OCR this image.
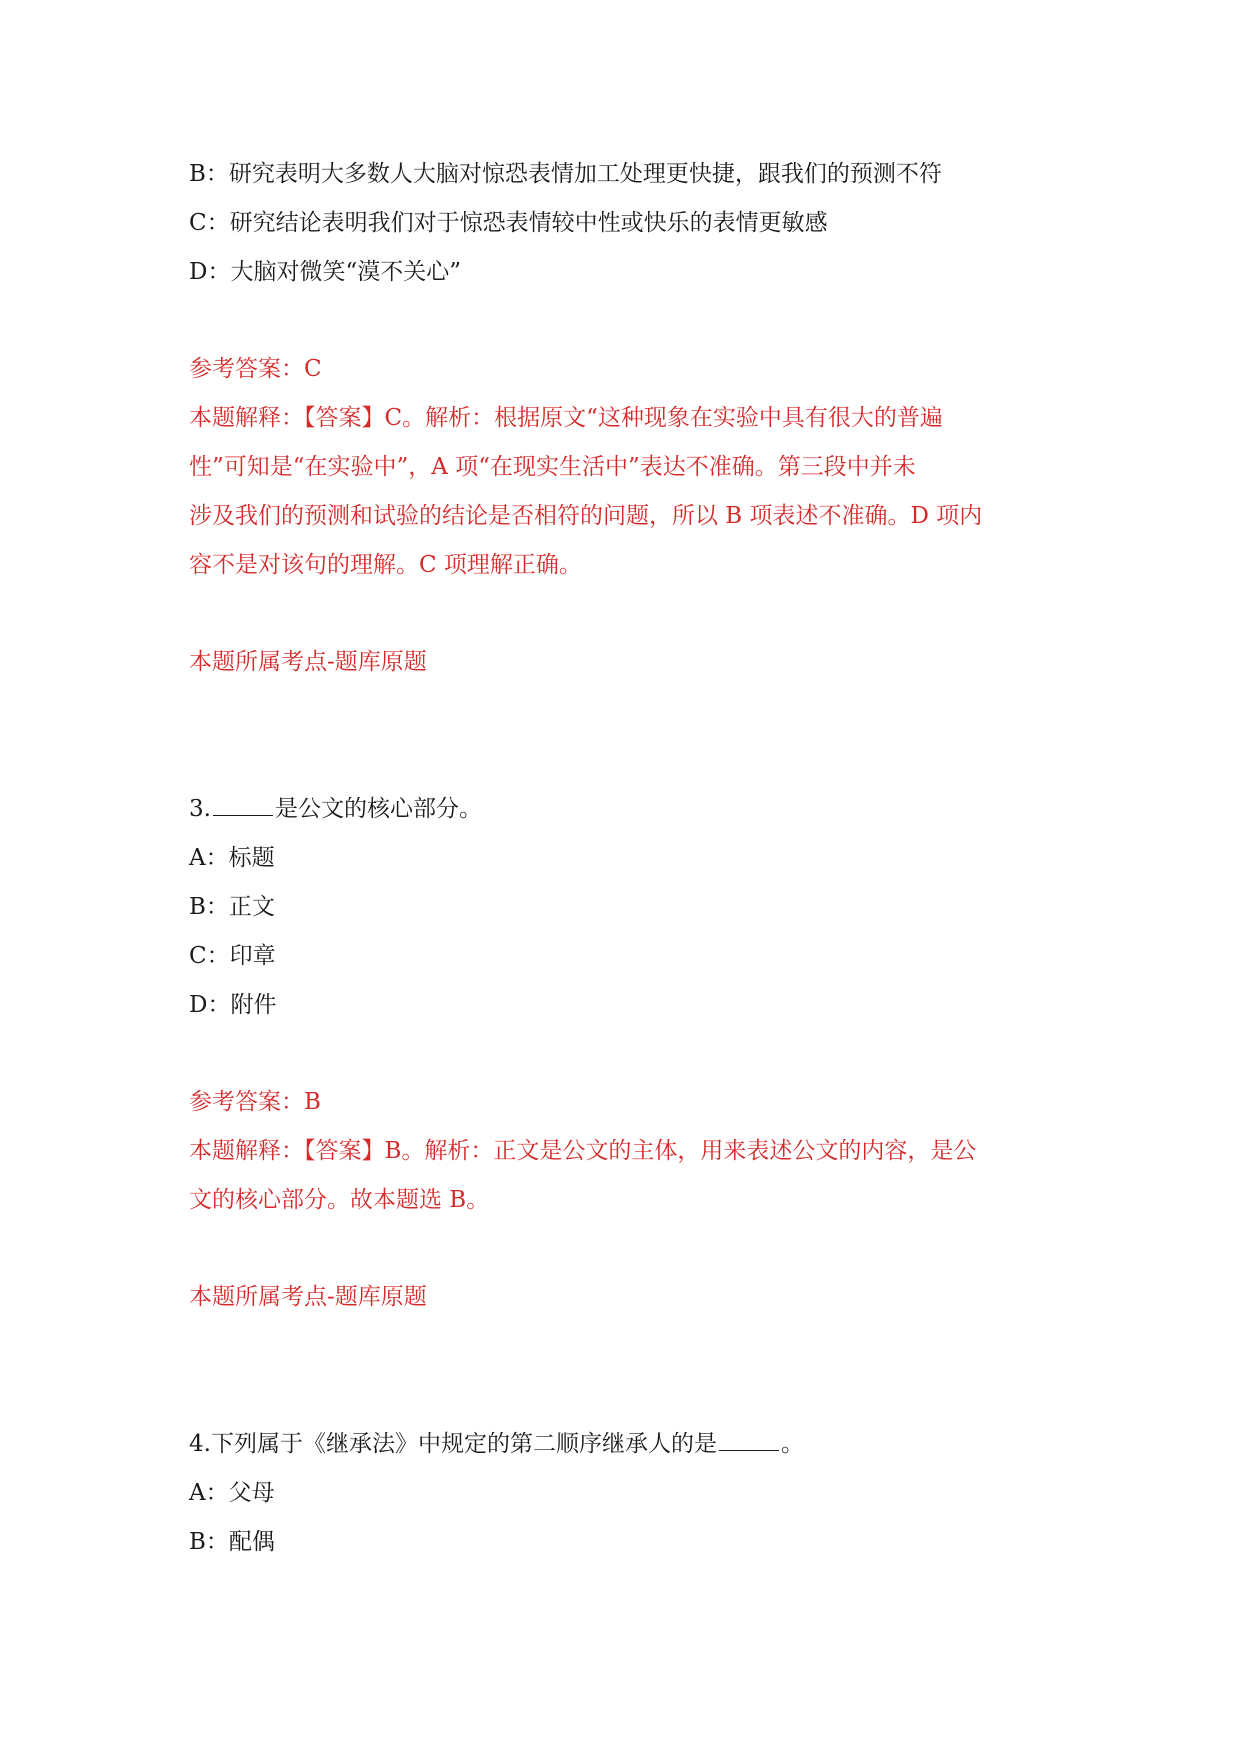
B：研究表明大多数人大脑对惊恐表情加工处理更快捷，跟我们的预测不符
C：研究结论表明我们对于惊恐表情较中性或快乐的表情更敏感
D：大脑对微笑“漠不关心”
参考答案：C
本题解释：【答案】C。解析：根据原文“这种现象在实验中具有很大的普遍
性”可知是“在实验中”，A 项“在现实生活中”表达不准确。第三段中并未
涉及我们的预测和试验的结论是否相符的问题，所以 B 项表述不准确。D 项内
容不是对该句的理解。C 项理解正确。
本题所属考点-题库原题
3.	是公文的核心部分。
A：标题
B：正文
C：印章
D：附件
参考答案：B
本题解释：【答案】B。解析：正文是公文的主体，用来表述公文的内容，是公
文的核心部分。故本题选 B。
本题所属考点-题库原题
4.下列属于《继承法》中规定的第二顺序继承人的是	。
A：父母
B：配偶
